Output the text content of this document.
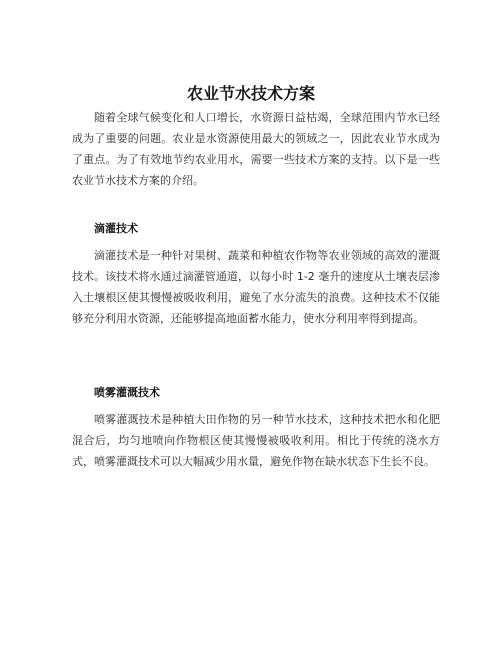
农业节水技术方案
随着全球气候变化和人口增长，水资源日益枯竭，全球范围内节水已经成为了重要的问题。农业是水资源使用最大的领域之一，因此农业节水成为了重点。为了有效地节约农业用水，需要一些技术方案的支持。以下是一些农业节水技术方案的介绍。
滴灌技术
滴灌技术是一种针对果树、蔬菜和种植农作物等农业领域的高效的灌溉技术。该技术将水通过滴灌管通道，以每小时 1-2 毫升的速度从土壤表层渗入土壤根区使其慢慢被吸收利用，避免了水分流失的浪费。这种技术不仅能够充分利用水资源，还能够提高地面蓄水能力，使水分利用率得到提高。
喷雾灌溉技术
喷雾灌溉技术是种植大田作物的另一种节水技术，这种技术把水和化肥混合后，均匀地喷向作物根区使其慢慢被吸收利用。相比于传统的浇水方式，喷雾灌溉技术可以大幅减少用水量，避免作物在缺水状态下生长不良。
